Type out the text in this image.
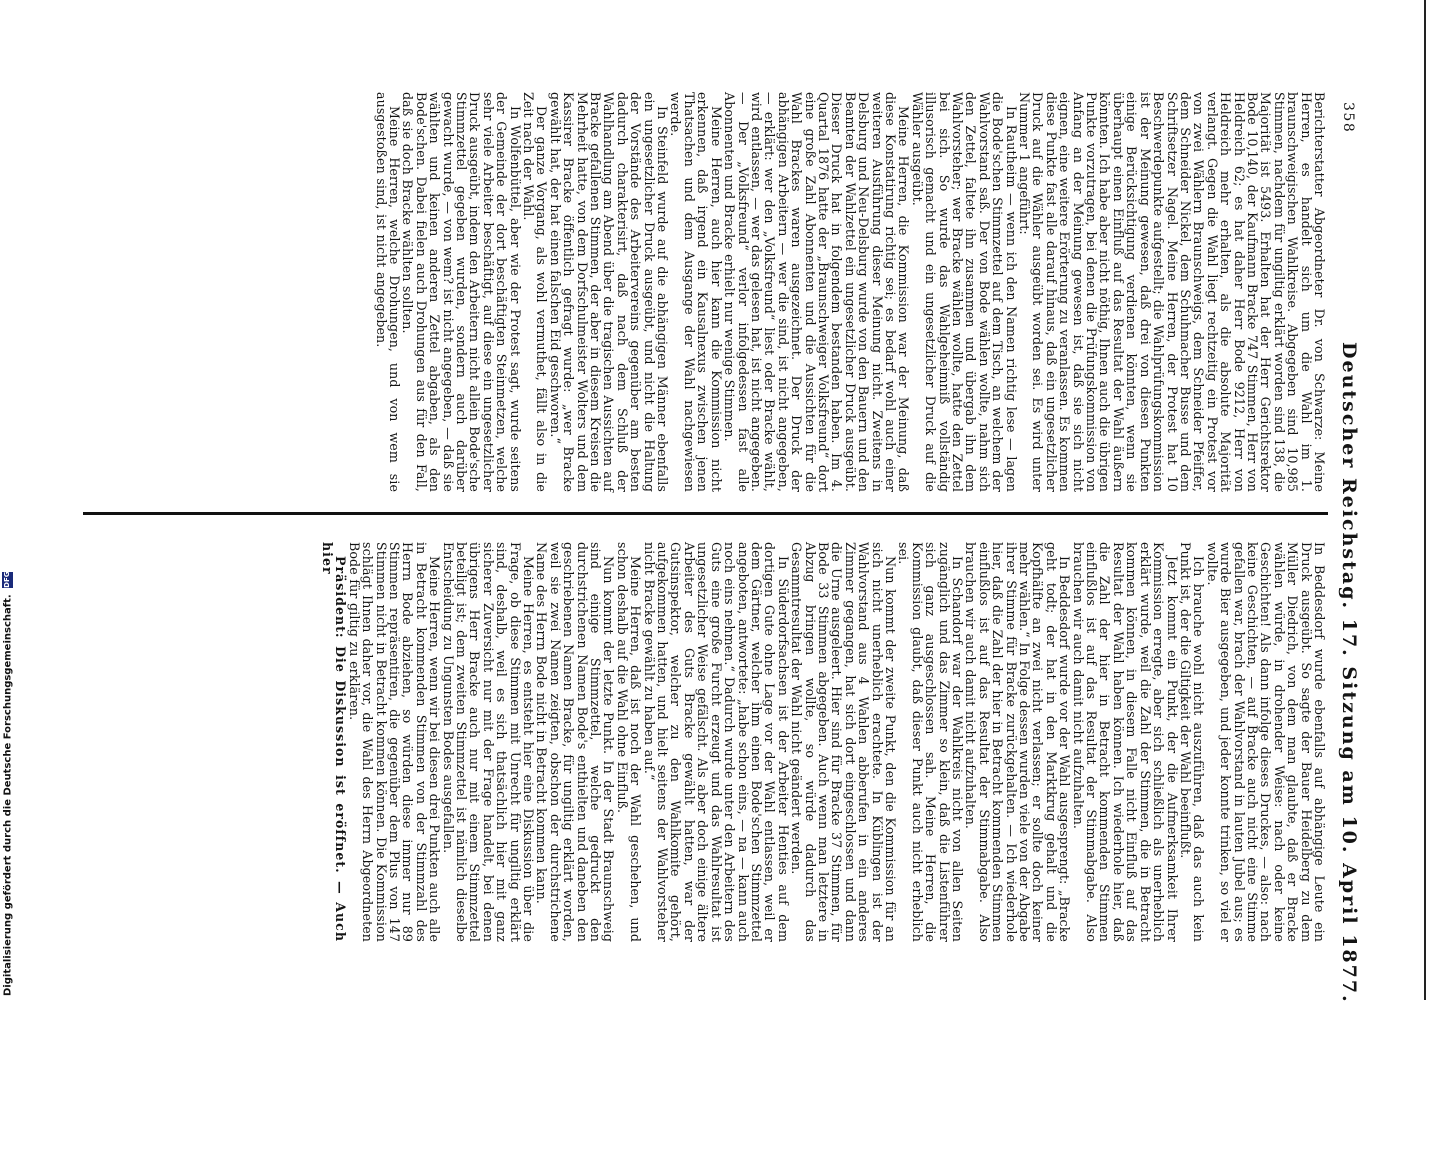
358
Deutscher Reichstag. 17. Sitzung am 10. April 1877.

Berichterstatter Abgeordneter Dr. von Schwarze: Meine Herren, es handelt sich um die Wahl im 1. braunschweigischen Wahlkreise. Abgegeben sind 10,985 Stimmen, nachdem für ungiltig erklärt worden sind 138, die Majorität ist 5493. Erhalten hat der Herr Gerichtsrektor Bode 10,140, der Kaufmann Bracke 747 Stimmen, Herr von Heldreich 62; es hat daher Herr Bode 9212, Herr von Heldreich mehr erhalten, als die absolute Majorität verlangt. Gegen die Wahl liegt rechtzeitig ein Protest vor von zwei Wählern Braunschweigs, dem Schneider Pfeiffer, dem Schneider Nickel, dem Schuhmacher Busse und dem Schriftsetzer Nagel. Meine Herren, der Protest hat 10 Beschwerdepunkte aufgestellt; die Wahlprüfungskommission ist der Meinung gewesen, daß drei von diesen Punkten einige Berücksichtigung verdienen könnten, wenn sie überhaupt einen Einfluß auf das Resultat der Wahl äußern könnten. Ich habe aber nicht nöthig, Ihnen auch die übrigen Punkte vorzutragen, bei denen die Prüfungskommission von Anfang an der Meinung gewesen ist, daß sie sich nicht eignen, eine weitere Erörterung zu veranlassen. Es kommen diese Punkte fast alle darauf hinaus, daß ein ungesetzlicher Druck auf die Wähler ausgeübt worden sei. Es wird unter Nummer 1 angeführt:

In Rautheim — wenn ich den Namen richtig lese — lagen die Bode'schen Stimmzettel auf dem Tisch, an welchem der Wahlvorstand saß. Der von Bode wählen wollte, nahm sich den Zettel, faltete ihn zusammen und übergab ihn dem Wahlvorsteher; wer Bracke wählen wollte, hatte den Zettel bei sich. So wurde das Wahlgeheimniß vollständig illusorisch gemacht und ein ungesetzlicher Druck auf die Wähler ausgeübt.

Meine Herren, die Kommission war der Meinung, daß diese Konstatirung richtig sei; es bedarf wohl auch einer weiteren Ausführung dieser Meinung nicht. Zweitens in Delsburg und Neu-Delsburg wurde von den Bauern und den Beamten der Wahlzettel ein ungesetzlicher Druck ausgeübt. Dieser Druck hat in folgendem bestanden haben. Im 4. Quartal 1876 hatte der „Braunschweiger Volksfreund“ dort eine große Zahl Abonnenten und die Aussichten für die Wahl Brackes waren ausgezeichnet. Der Druck der abhängigen Arbeitern — wer die sind, ist nicht angegeben, — erklärt: wer den „Volksfreund“ liest oder Bracke wählt, wird entlassen, — wer das gelesen hat, ist nicht angegeben. — Der „Volksfreund“ verlor infolgedessen fast alle Abonnenten und Bracke erhielt nur wenige Stimmen.

Meine Herren, auch hier kann die Kommission nicht erkennen, daß irgend ein Kausalnexus zwischen jenen Thatsachen und dem Ausgange der Wahl nachgewiesen werde.

In Steinfeld wurde auf die abhängigen Männer ebenfalls ein ungesetzlicher Druck ausgeübt, und nicht die Haltung der Vorstände des Arbeitervereins gegenüber am besten dadurch charakterisirt, daß nach dem Schluß der Wahlhandlung am Abend über die tragischen Aussichten auf Bracke gefallenen Stimmen, der aber in diesem Kreisen die Mehrheit hatte, von dem Dorfschulmeister Wolters und dem Kassirer Bracke öffentlich gefragt wurde: „wer Bracke gewählt hat, der hat einen falschen Eid geschworen.“

Der ganze Vorgang, als wohl vermuthet, fällt also in die Zeit nach der Wahl.

In Wolfenbüttel, aber wie der Protest sagt, wurde seitens der Gemeinde der dort beschäftigten Steinmetzen, welche sehr viele Arbeiter beschäftigt, auf diese ein ungesetzlicher Druck ausgeübt, indem den Arbeitern nicht allein Bode'sche Stimmzettel gegeben wurden, sondern auch darüber gewacht wurde, — von wem? ist nicht angegeben, — daß sie wählten und keinen anderen Zettel abgaben, als den Bode'schen. Dabei fielen auch Drohungen aus für den Fall, daß sie doch Bracke wählten sollten.

Meine Herren, welche Drohungen, und von wem sie ausgestoßen sind, ist nicht angegeben.

In Beddesdorf wurde ebenfalls auf abhängige Leute ein Druck ausgeübt. So sagte der Bauer Heidelberg zu dem Müller Diedrich, von dem man glaubte, daß er Bracke wählen würde, in drohender Weise: nach oder keine Geschichten! Als dann infolge dieses Druckes, — also: nach keine Geschichten, — auf Bracke auch nicht eine Stimme gefallen war, brach der Wahlvorstand in lauten Jubel aus; es wurde Bier ausgegeben, und jeder konnte trinken, so viel er wollte.

Ich brauche wohl nicht auszuführen, daß das auch kein Punkt ist, der die Giltigkeit der Wahl beeinflußt.

Jetzt kommt ein Punkt, der die Aufmerksamkeit Ihrer Kommission erregte, aber sich schließlich als unerheblich erklärt wurde, weil die Zahl der Stimmen, die in Betracht kommen können, in diesem Falle nicht Einfluß auf das Resultat der Wahl haben können. Ich wiederhole hier, daß die Zahl der hier in Betracht kommenden Stimmen einflußlos ist auf das Resultat der Stimmabgabe. Also brauchen wir auch damit nicht aufzuhalten.

In Beddesdorf wurde vor der Wahl ausgesprengt: „Bracke geht todt; der hat in den Marktkrug gehalt und die Kopfhälfte an zwei nicht verlassen; er sollte doch keiner mehr wählen.“ In Folge dessen wurden viele von der Abgabe ihrer Stimme für Bracke zurückgehalten. — Ich wiederhole hier, daß die Zahl der hier in Betracht kommenden Stimmen einflußlos ist auf das Resultat der Stimmabgabe. Also brauchen wir auch damit nicht aufzuhalten.

In Schandorf war der Wahlkreis nicht von allen Seiten zugänglich und das Zimmer so klein, daß die Listenführer sich ganz ausgeschlossen sah. Meine Herren, die Kommission glaubt, daß dieser Punkt auch nicht erheblich sei.

Nun kommt der zweite Punkt, den die Kommission für an sich nicht unerheblich erachtete. In Küblingen ist der Wahlvorstand aus 4 Wahlen abberufen in ein anderes Zimmer gegangen, hat sich dort eingeschlossen und dann die Urne ausgeleert. Hier sind für Bracke 37 Stimmen, für Bode 33 Stimmen abgegeben. Auch wenn man letztere in Abzug bringen wollte, so würde dadurch das Gesammtresultat der Wahl nicht geändert werden.

In Süderdorfsachsen ist der Arbeiter Henties auf dem dortigen Gute ohne Lage vor der Wahl entlassen, weil er dem Gärtner, welcher ihm einen Bode'schen Stimmzettel angeboten, antwortete: „habe schon eins, — na — kann auch noch eins nehmen.“ Dadurch wurde unter den Arbeitern des Guts eine große Furcht erzeugt und das Wahlresultat ist ungesetzlicher Weise gefälscht. Als aber doch einige ältere Arbeiter des Guts Bracke gewählt hatten, war der Gutsinspektor, welcher zu den Wahlkomite gehört, aufgekommen hatten, und hielt seitens der Wahlvorsteher nicht Bracke gewählt zu haben auf.“

Meine Herren, daß ist noch der Wahl geschehen, und schon deshalb auf die Wahl ohne Einfluß.

Nun kommt der letzte Punkt. In der Stadt Braunschweig sind einige Stimmzettel, welche gedruckt den durchstrichenen Namen Bode's enthielten und daneben den geschriebenen Namen Bracke, für ungiltig erklärt worden, weil sie zwei Namen zeigten, obschon der durchstrichene Name des Herrn Bode nicht in Betracht kommen kann.

Meine Herren, es entsteht hier eine Diskussion über die Frage, ob diese Stimmen mit Unrecht für ungiltig erklärt sind, deshalb, weil es sich thatsächlich hier mit ganz sicherer Zuversicht nur mit der Frage handelt, bei denen übrigens Herr Bracke auch nur mit einem Stimmzettel beteiligt ist; dem zweiten Stimmzettel ist nämlich dieselbe Entscheidung zu Ungunsten Bodes ausgefallen.

Meine Herren, wenn wir bei diesen drei Punkten auch alle in Betracht kommenden Stimmen von der Stimmzahl des Herrn Bode abziehen, so würden diese immer nur 89 Stimmen repräsentiren, die gegenüber dem Plus von 147 Stimmen nicht in Betracht kommen können. Die Kommission schlägt Ihnen daher vor, die Wahl des Herrn Abgeordneten Bode für giltig zu erklären.

Präsident: Die Diskussion ist eröffnet. — Auch hier

Digitalisierung gefördert durch die Deutsche Forschungsgemeinschaft. DFG
